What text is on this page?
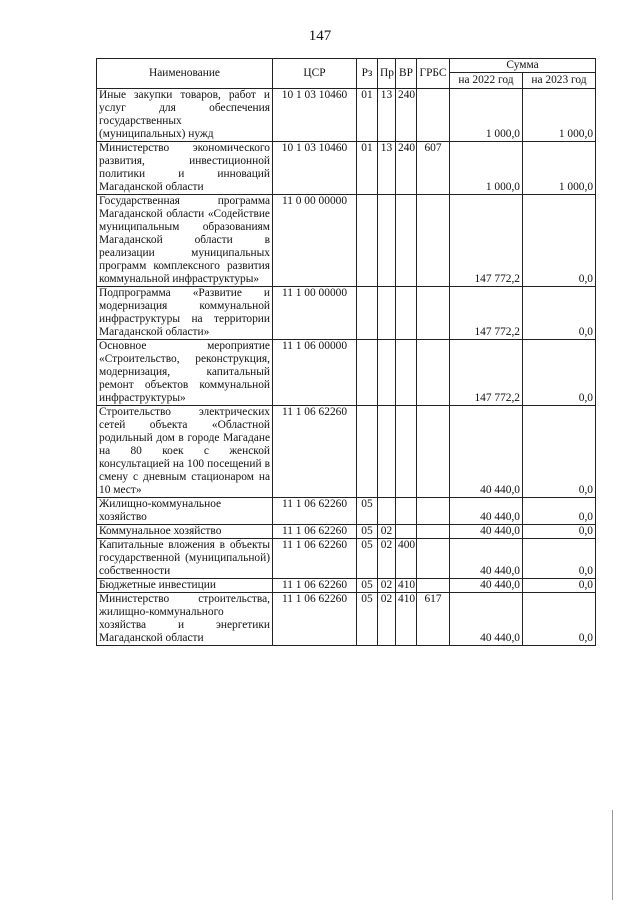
147
Наименование	ЦСР	Рз	Пр	ВР	ГРБС	Сумма	
						на 2022 год	на 2023 год
Иные закупки товаров, работ и услуг для обеспечения государственных (муниципальных) нужд	10 1 03 10460	01	13	240		1 000,0	1 000,0
Министерство экономического развития, инвестиционной политики и инноваций Магаданской области	10 1 03 10460	01	13	240	607	1 000,0	1 000,0
Государственная программа Магаданской области «Содействие муниципальным образованиям Магаданской области в реализации муниципальных программ комплексного развития коммунальной инфраструктуры»	11 0 00 00000					147 772,2	0,0
Подпрограмма «Развитие и модернизация коммунальной инфраструктуры на территории Магаданской области»	11 1 00 00000					147 772,2	0,0
Основное мероприятие «Строительство, реконструкция, модернизация, капитальный ремонт объектов коммунальной инфраструктуры»	11 1 06 00000					147 772,2	0,0
Строительство электрических сетей объекта «Областной родильный дом в городе Магадане на 80 коек с женской консультацией на 100 посещений в смену с дневным стационаром на 10 мест»	11 1 06 62260					40 440,0	0,0
Жилищно-коммунальное хозяйство	11 1 06 62260	05				40 440,0	0,0
Коммунальное хозяйство	11 1 06 62260	05	02			40 440,0	0,0
Капитальные вложения в объекты государственной (муниципальной) собственности	11 1 06 62260	05	02	400		40 440,0	0,0
Бюджетные инвестиции	11 1 06 62260	05	02	410		40 440,0	0,0
Министерство строительства, жилищно-коммунального хозяйства и энергетики Магаданской области	11 1 06 62260	05	02	410	617	40 440,0	0,0
